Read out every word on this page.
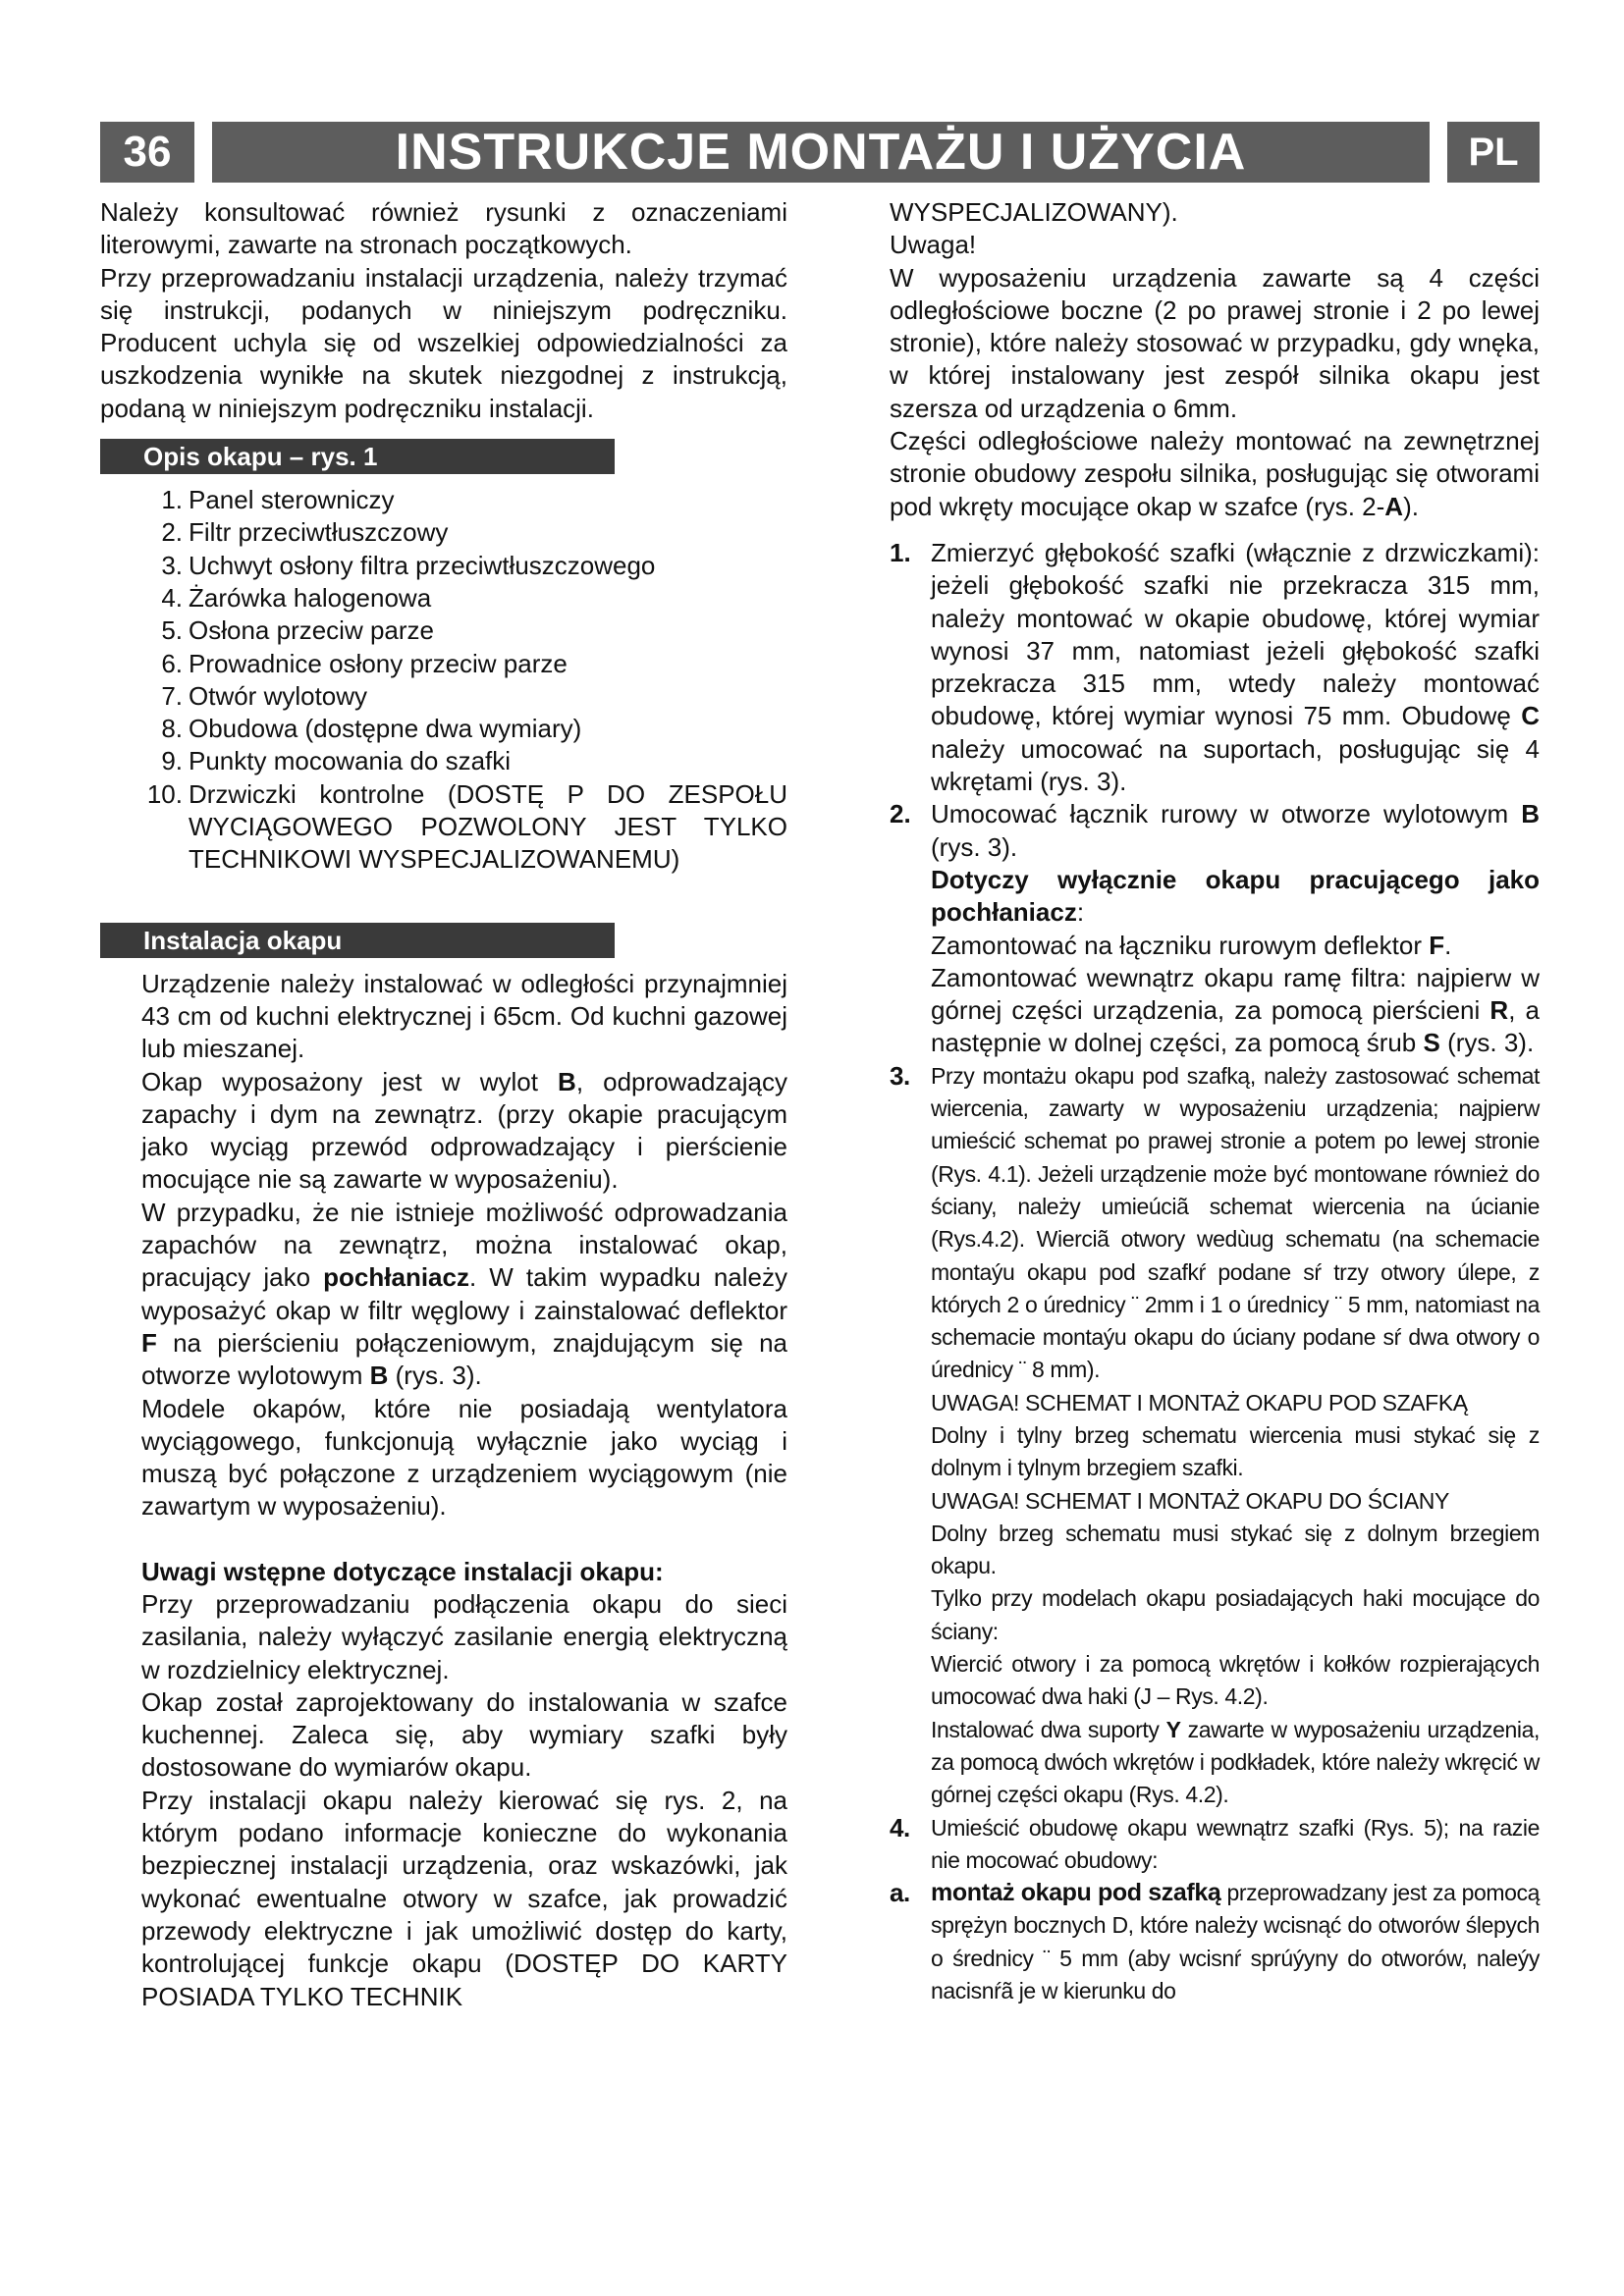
36	INSTRUKCJE MONTAŻU I UŻYCIA	PL

Należy konsultować również rysunki z oznaczeniami literowymi, zawarte na stronach początkowych.

Przy przeprowadzaniu instalacji urządzenia, należy trzymać się instrukcji, podanych w niniejszym podręczniku. Producent uchyla się od wszelkiej odpowiedzialności za uszkodzenia wynikłe na skutek niezgodnej z instrukcją, podaną w niniejszym podręczniku instalacji.

Opis okapu – rys. 1
1. Panel sterowniczy
2. Filtr przeciwtłuszczowy
3. Uchwyt osłony filtra przeciwtłuszczowego
4. Żarówka halogenowa
5. Osłona przeciw parze
6. Prowadnice osłony przeciw parze
7. Otwór wylotowy
8. Obudowa (dostępne dwa wymiary)
9. Punkty mocowania do szafki
10. Drzwiczki kontrolne (DOSTĘ P DO ZESPOŁU WYCIĄGOWEGO POZWOLONY JEST TYLKO TECHNIKOWI WYSPECJALIZOWANEMU)
Instalacja okapu

Urządzenie należy instalować w odległości przynajmniej 43 cm od kuchni elektrycznej i 65cm. Od kuchni gazowej lub mieszanej.

Okap wyposażony jest w wylot B, odprowadzający zapachy i dym na zewnątrz. (przy okapie pracującym jako wyciąg przewód odprowadzający i pierścienie mocujące nie są zawarte w wyposażeniu).

W przypadku, że nie istnieje możliwość odprowadzania zapachów na zewnątrz, można instalować okap, pracujący jako pochłaniacz. W takim wypadku należy wyposażyć okap w filtr węglowy i zainstalować deflektor F na pierścieniu połączeniowym, znajdującym się na otworze wylotowym B (rys. 3).

Modele okapów, które nie posiadają wentylatora wyciągowego, funkcjonują wyłącznie jako wyciąg i muszą być połączone z urządzeniem wyciągowym (nie zawartym w wyposażeniu).

Uwagi wstępne dotyczące instalacji okapu:

Przy przeprowadzaniu podłączenia okapu do sieci zasilania, należy wyłączyć zasilanie energią elektryczną w rozdzielnicy elektrycznej.

Okap został zaprojektowany do instalowania w szafce kuchennej. Zaleca się, aby wymiary szafki były dostosowane do wymiarów okapu.

Przy instalacji okapu należy kierować się rys. 2, na którym podano informacje konieczne do wykonania bezpiecznej instalacji urządzenia, oraz wskazówki, jak wykonać ewentualne otwory w szafce, jak prowadzić przewody elektryczne i jak umożliwić dostęp do karty, kontrolującej funkcje okapu (DOSTĘP DO KARTY POSIADA TYLKO TECHNIK

WYSPECJALIZOWANY).

Uwaga!

W wyposażeniu urządzenia zawarte są 4 części odległościowe boczne (2 po prawej stronie i 2 po lewej stronie), które należy stosować w przypadku, gdy wnęka, w której instalowany jest zespół silnika okapu jest szersza od urządzenia o 6mm.

Części odległościowe należy montować na zewnętrznej stronie obudowy zespołu silnika, posługując się otworami pod wkręty mocujące okap w szafce (rys. 2-A).

1. Zmierzyć głębokość szafki (włącznie z drzwiczkami): jeżeli głębokość szafki nie przekracza 315 mm, należy montować w okapie obudowę, której wymiar wynosi 37 mm, natomiast jeżeli głębokość szafki przekracza 315 mm, wtedy należy montować obudowę, której wymiar wynosi 75 mm. Obudowę C należy umocować na suportach, posługując się 4 wkrętami (rys. 3).

2. Umocować łącznik rurowy w otworze wylotowym B (rys. 3).

Dotyczy wyłącznie okapu pracującego jako pochłaniacz:

Zamontować na łączniku rurowym deflektor F.

Zamontować wewnątrz okapu ramę filtra: najpierw w górnej części urządzenia, za pomocą pierścieni R, a następnie w dolnej części, za pomocą śrub S (rys. 3).

3. Przy montażu okapu pod szafką, należy zastosować schemat wiercenia, zawarty w wyposażeniu urządzenia; najpierw umieścić schemat po prawej stronie a potem po lewej stronie (Rys. 4.1). Jeżeli urządzenie może być montowane również do ściany, należy umieúciã schemat wiercenia na úcianie (Rys.4.2). Wierciã otwory wedùug schematu (na schemacie montaýu okapu pod szafkŕ podane sŕ trzy otwory úlepe, z których 2 o úrednicy ¨ 2mm i 1 o úrednicy ¨ 5 mm, natomiast na schemacie montaýu okapu do úciany podane sŕ dwa otwory o úrednicy ¨ 8 mm).

UWAGA! SCHEMAT I MONTAŻ OKAPU POD SZAFKĄ

Dolny i tylny brzeg schematu wiercenia musi stykać się z dolnym i tylnym brzegiem szafki.

UWAGA! SCHEMAT I MONTAŻ OKAPU DO ŚCIANY

Dolny brzeg schematu musi stykać się z dolnym brzegiem okapu.

Tylko przy modelach okapu posiadających haki mocujące do ściany:

Wiercić otwory i za pomocą wkrętów i kołków rozpierających umocować dwa haki (J – Rys. 4.2).

Instalować dwa suporty Y zawarte w wyposażeniu urządzenia, za pomocą dwóch wkrętów i podkładek, które należy wkręcić w górnej części okapu (Rys. 4.2).

4. Umieścić obudowę okapu wewnątrz szafki (Rys. 5); na razie nie mocować obudowy:

a. montaż okapu pod szafką przeprowadzany jest za pomocą sprężyn bocznych D, które należy wcisnąć do otworów ślepych o średnicy ¨ 5 mm (aby wcisnŕ sprúýyny do otworów, naleýy nacisnŕã je w kierunku do
